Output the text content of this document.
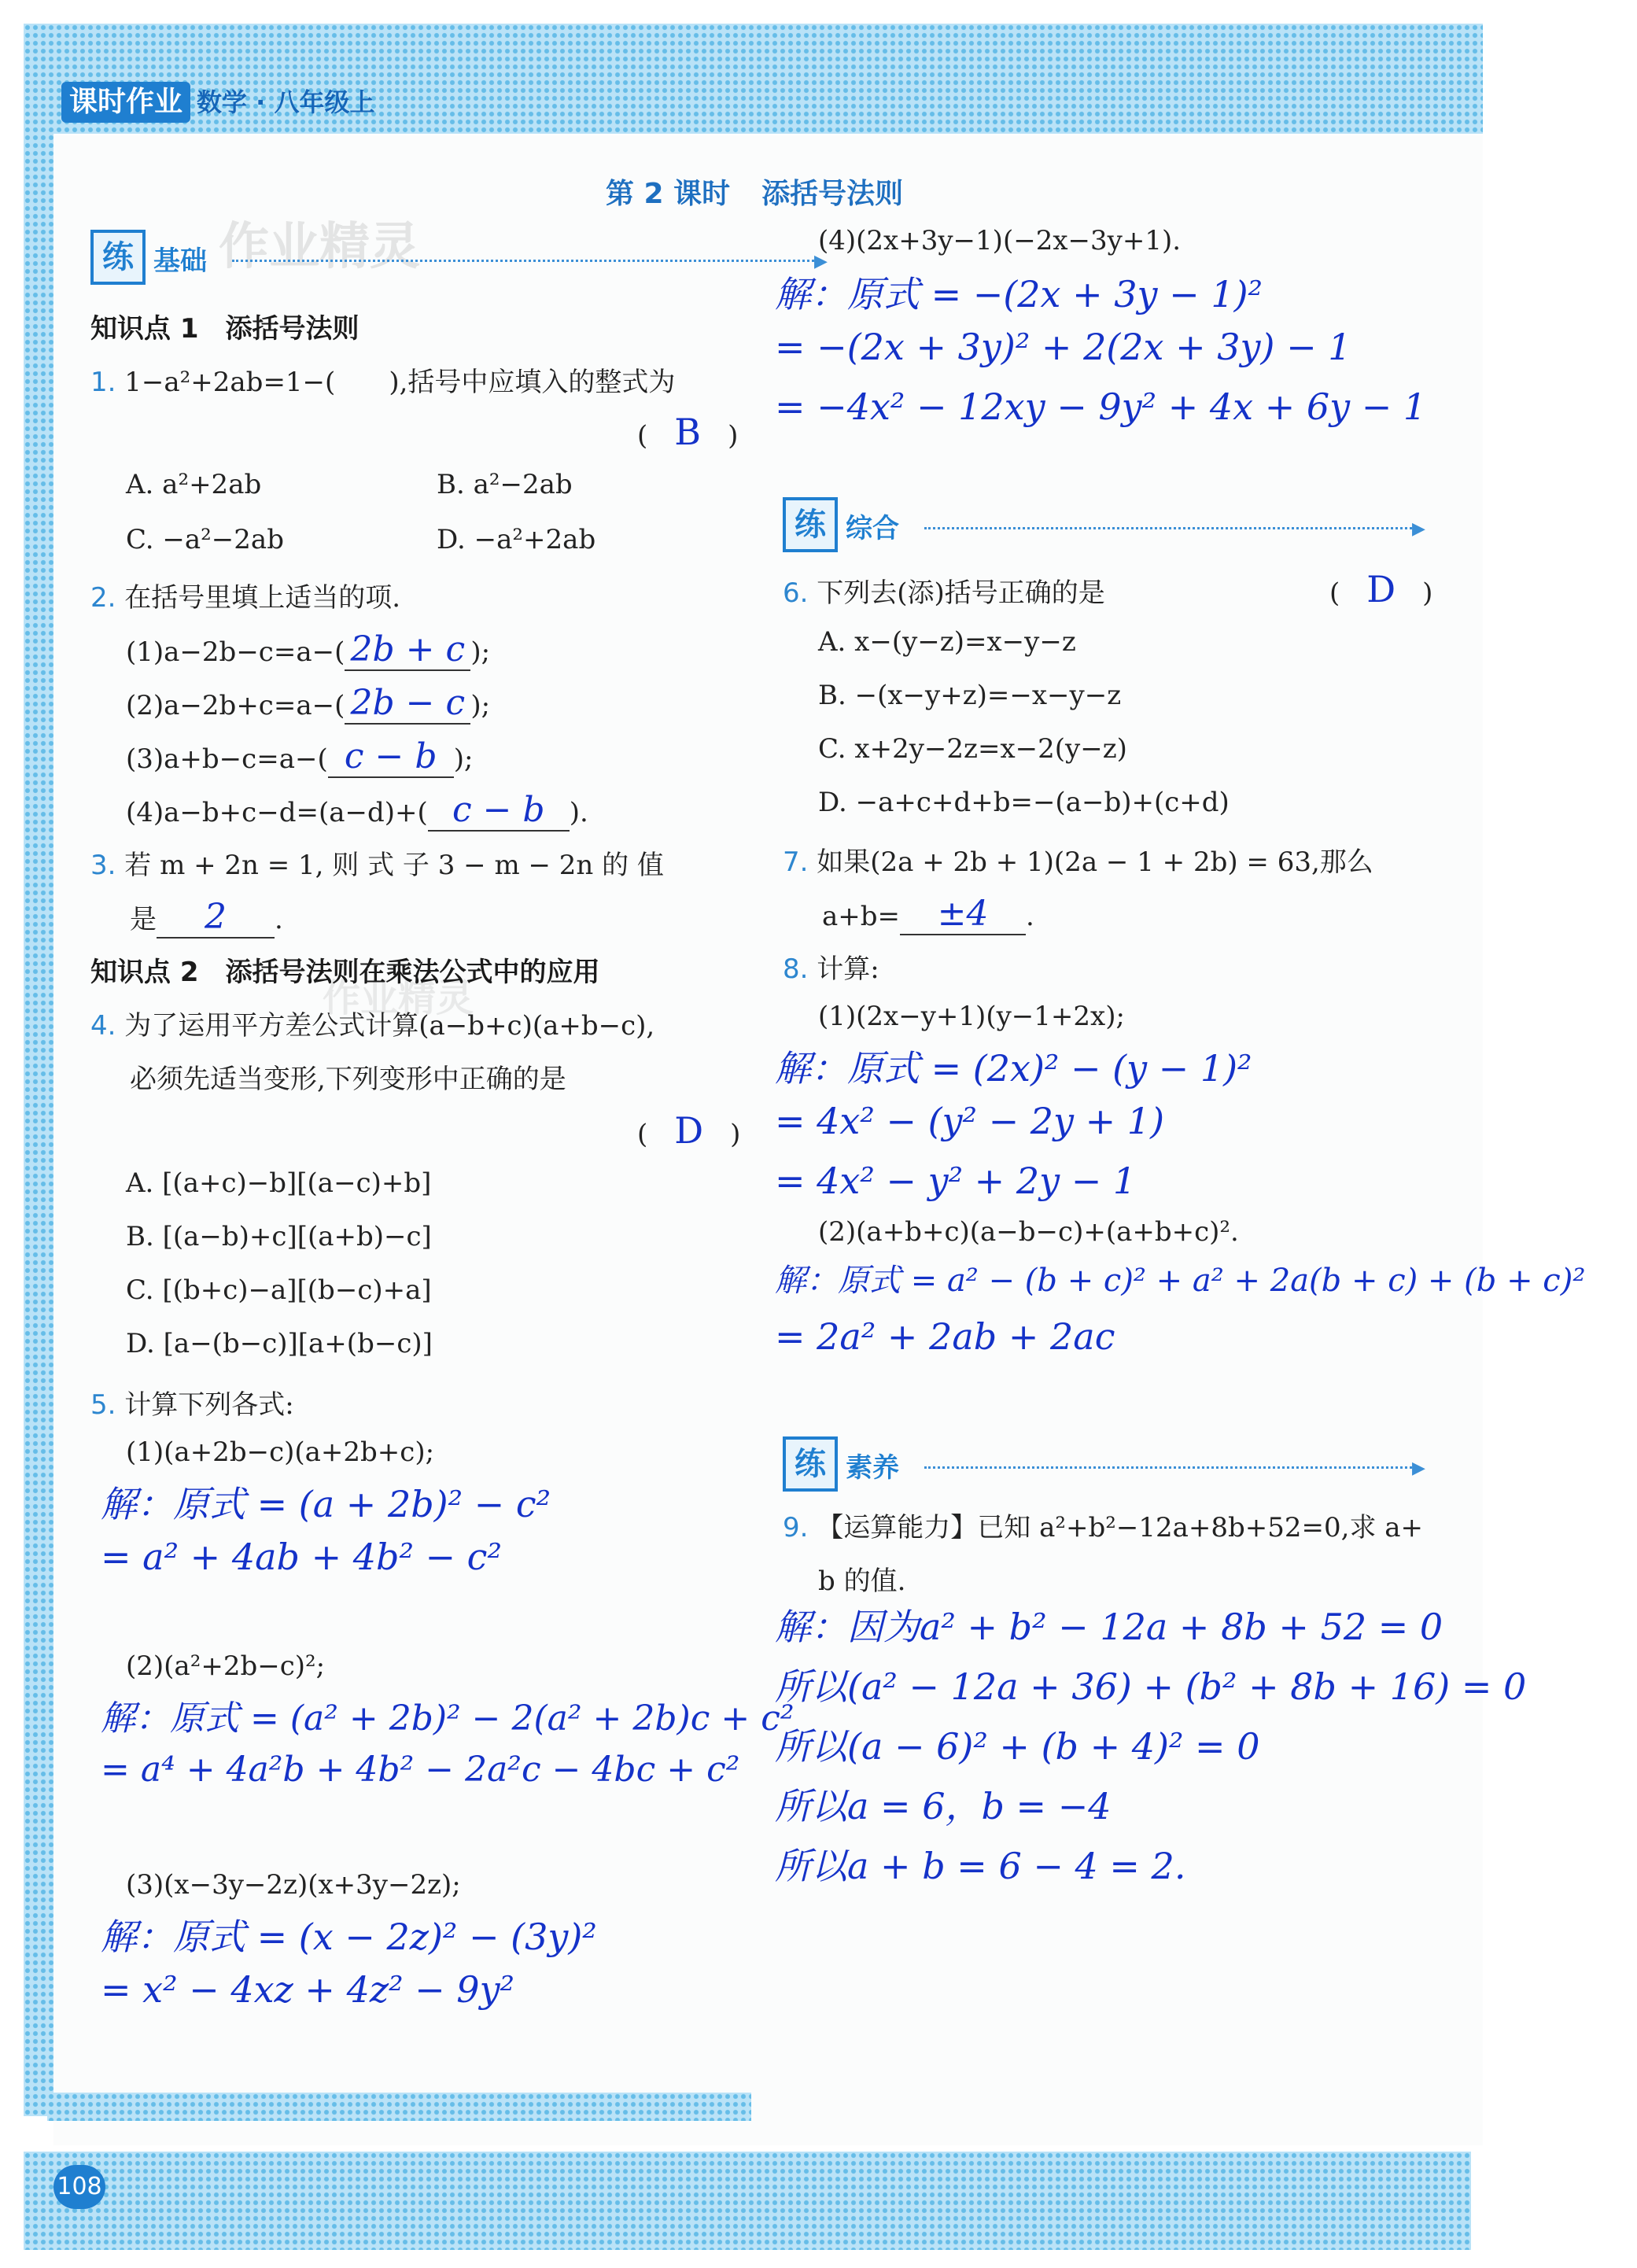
课时作业 数学 · 八年级上
第 2 课时 添括号法则
作业精灵
作业精灵
练 基础	▶
知识点 1　添括号法则
1. 1−a²+2ab=1−(　　),括号中应填入的整式为
(　B　)
A. a²+2ab	B. a²−2ab
C. −a²−2ab	D. −a²+2ab
2. 在括号里填上适当的项.
(1)a−2b−c=a−( 2b + c );
(2)a−2b+c=a−( 2b − c );
(3)a+b−c=a−( c − b );
(4)a−b+c−d=(a−d)+( c − b ).
3. 若 m + 2n = 1, 则 式 子 3 − m − 2n 的 值
是 2 .
知识点 2　添括号法则在乘法公式中的应用
4. 为了运用平方差公式计算(a−b+c)(a+b−c),
必须先适当变形,下列变形中正确的是
(　D　)
A. [(a+c)−b][(a−c)+b]
B. [(a−b)+c][(a+b)−c]
C. [(b+c)−a][(b−c)+a]
D. [a−(b−c)][a+(b−c)]
5. 计算下列各式:
(1)(a+2b−c)(a+2b+c);
解：原式 = (a + 2b)² − c²
= a² + 4ab + 4b² − c²
(2)(a²+2b−c)²;
解：原式 = (a² + 2b)² − 2(a² + 2b)c + c²
= a⁴ + 4a²b + 4b² − 2a²c − 4bc + c²
(3)(x−3y−2z)(x+3y−2z);
解：原式 = (x − 2z)² − (3y)²
= x² − 4xz + 4z² − 9y²
(4)(2x+3y−1)(−2x−3y+1).
解：原式 = −(2x + 3y − 1)²
= −(2x + 3y)² + 2(2x + 3y) − 1
= −4x² − 12xy − 9y² + 4x + 6y − 1
练 综合	▶
6. 下列去(添)括号正确的是	(　D　)
A. x−(y−z)=x−y−z
B. −(x−y+z)=−x−y−z
C. x+2y−2z=x−2(y−z)
D. −a+c+d+b=−(a−b)+(c+d)
7. 如果(2a + 2b + 1)(2a − 1 + 2b) = 63,那么
a+b= ±4 .
8. 计算:
(1)(2x−y+1)(y−1+2x);
解：原式 = (2x)² − (y − 1)²
= 4x² − (y² − 2y + 1)
= 4x² − y² + 2y − 1
(2)(a+b+c)(a−b−c)+(a+b+c)².
解：原式 = a² − (b + c)² + a² + 2a(b + c) + (b + c)²
= 2a² + 2ab + 2ac
练 素养	▶
9. 【运算能力】已知 a²+b²−12a+8b+52=0,求 a+
b 的值.
解：因为a² + b² − 12a + 8b + 52 = 0
所以(a² − 12a + 36) + (b² + 8b + 16) = 0
所以(a − 6)² + (b + 4)² = 0
所以a = 6，b = −4
所以a + b = 6 − 4 = 2.
108
